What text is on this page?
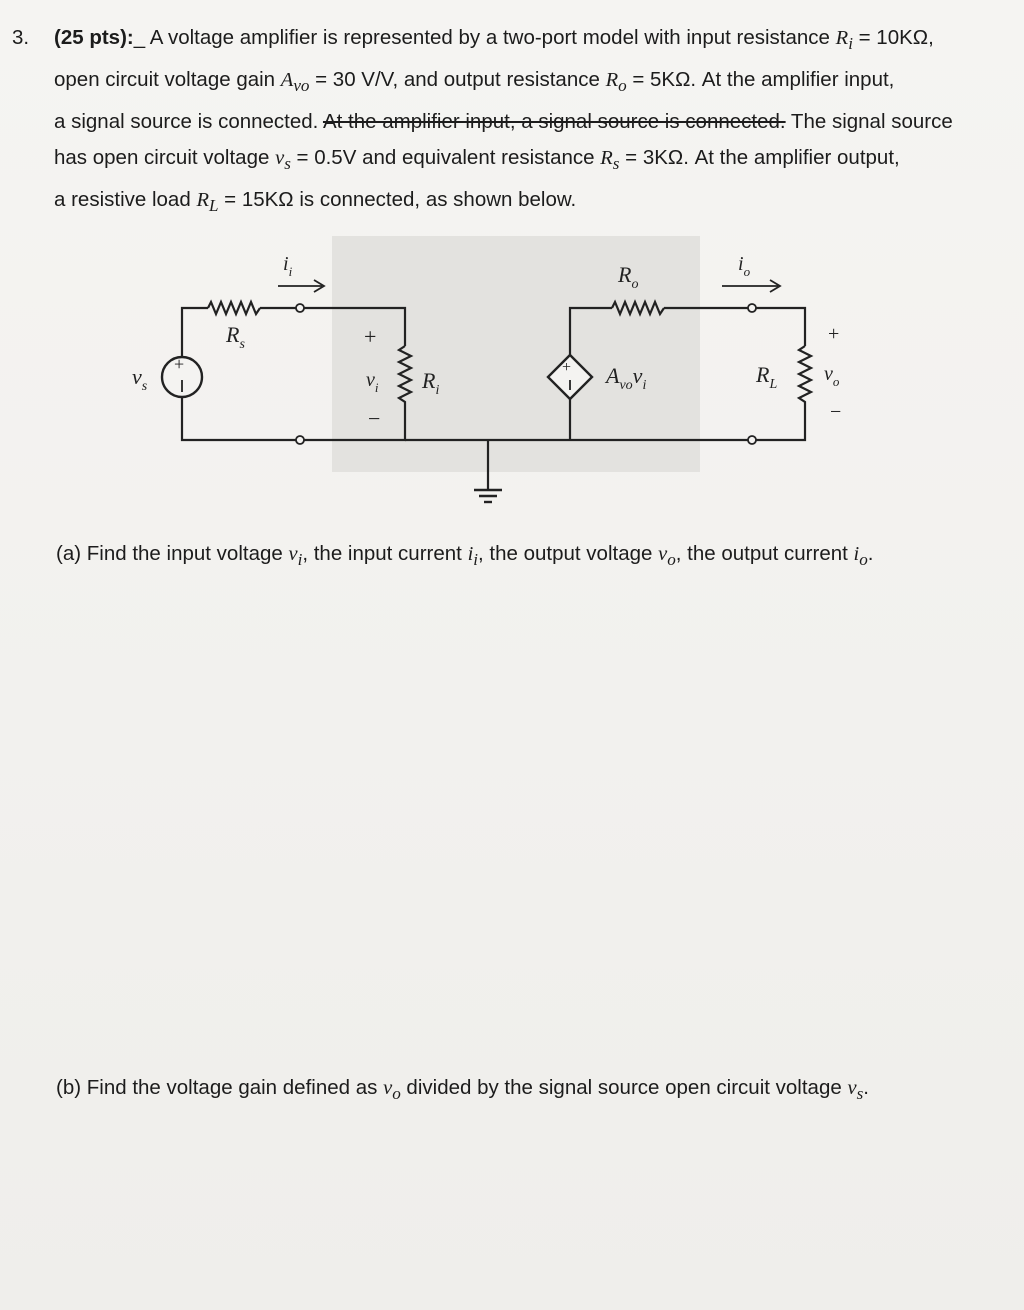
3. (25 pts):_ A voltage amplifier is represented by a two-port model with input resistance $R_i = 10K\Omega$,
open circuit voltage gain $A_{vo} = 30$ V/V, and output resistance $R_o = 5K\Omega$. At the amplifier input,
a signal source is connected. At the amplifier input, a signal source is connected. The signal source
has open circuit voltage $v_s = 0.5V$ and equivalent resistance $R_s = 3K\Omega$. At the amplifier output,
a resistive load $R_L = 15K\Omega$ is connected, as shown below.
+
$v_s$
$R_s$
$i_i$
$R_i$
+
$v_i$
−
+ $A_{vo}v_i$
$R_o$
$i_o$
$R_L$
+
$v_o$
−
(a) Find the input voltage $v_i$, the input current $i_i$, the output voltage $v_o$, the output current $i_o$.
(b) Find the voltage gain defined as $v_o$ divided by the signal source open circuit voltage $v_s$.
